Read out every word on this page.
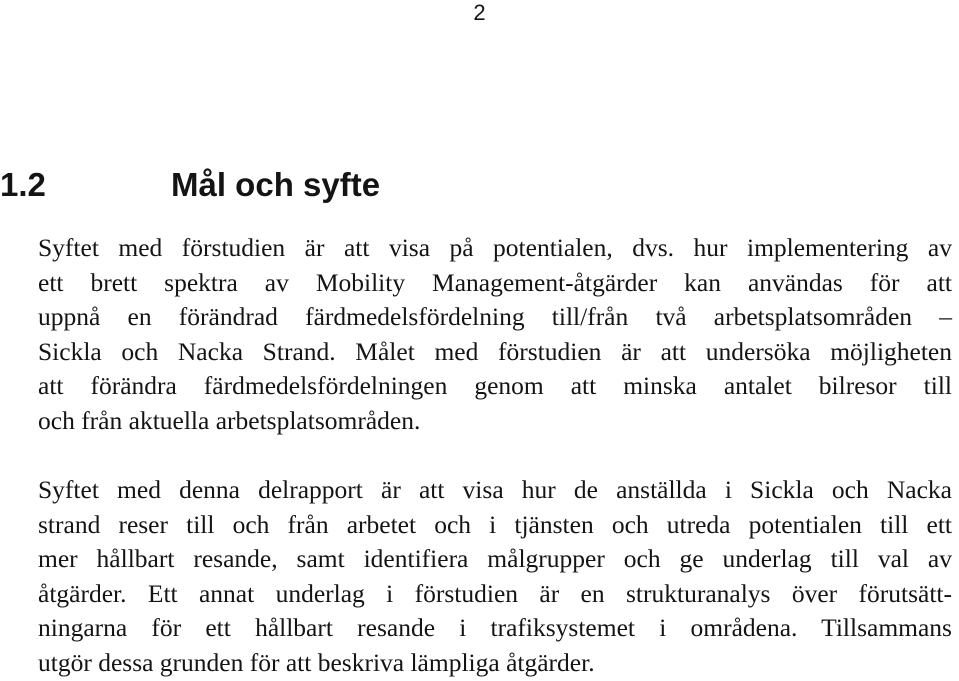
2
1.2	Mål och syfte

Syftet med förstudien är att visa på potentialen, dvs. hur implementering av
ett brett spektra av Mobility Management-åtgärder kan användas för att
uppnå en förändrad färdmedelsfördelning till/från två arbetsplatsområden –
Sickla och Nacka Strand. Målet med förstudien är att undersöka möjligheten
att förändra färdmedelsfördelningen genom att minska antalet bilresor till
och från aktuella arbetsplatsområden.

Syftet med denna delrapport är att visa hur de anställda i Sickla och Nacka
strand reser till och från arbetet och i tjänsten och utreda potentialen till ett
mer hållbart resande, samt identifiera målgrupper och ge underlag till val av
åtgärder. Ett annat underlag i förstudien är en strukturanalys över förutsätt-
ningarna för ett hållbart resande i trafiksystemet i områdena. Tillsammans
utgör dessa grunden för att beskriva lämpliga åtgärder.
